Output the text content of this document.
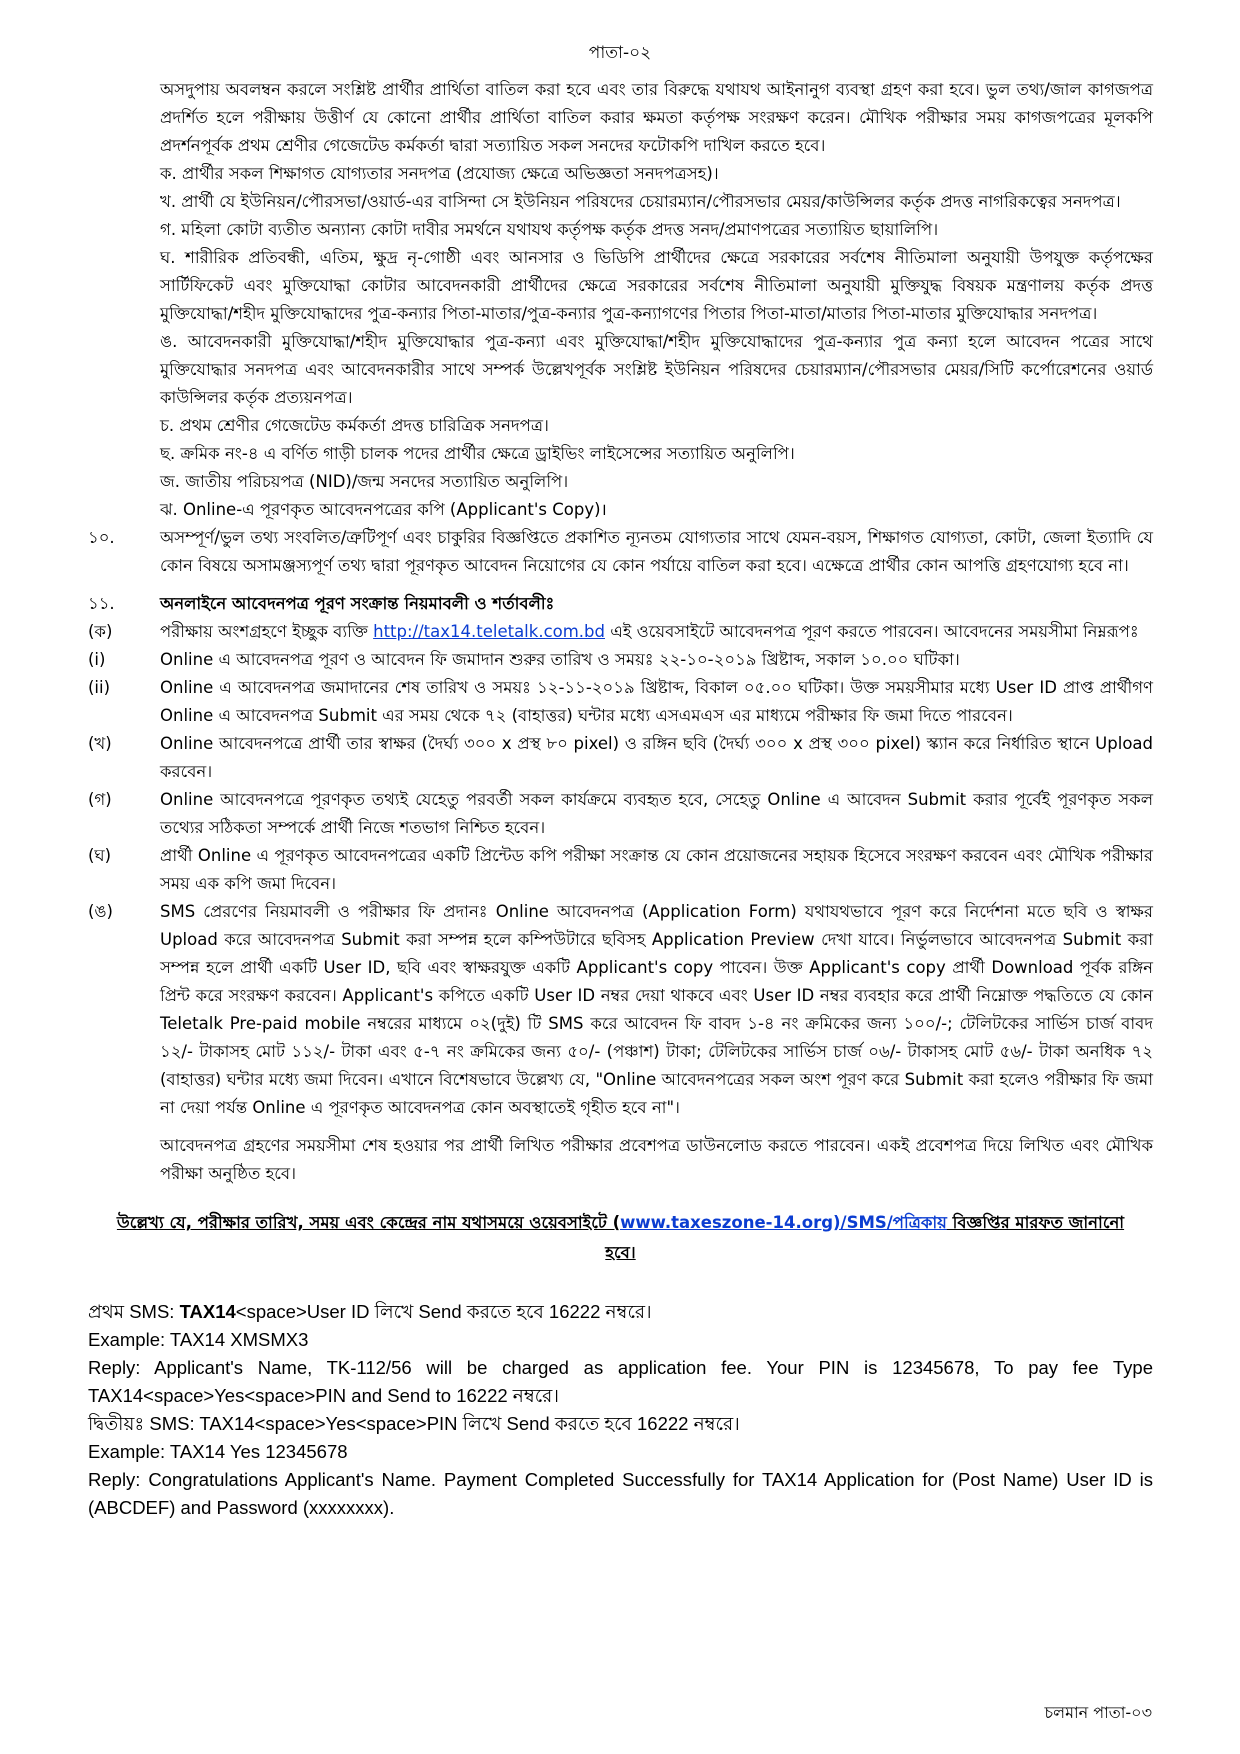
পাতা-০২
অসদুপায় অবলম্বন করলে সংশ্লিষ্ট প্রার্থীর প্রার্থিতা বাতিল করা হবে এবং তার বিরুদ্ধে যথাযথ আইনানুগ ব্যবস্থা গ্রহণ করা হবে। ভুল তথ্য/জাল কাগজপত্র প্রদর্শিত হলে পরীক্ষায় উত্তীর্ণ যে কোনো প্রার্থীর প্রার্থিতা বাতিল করার ক্ষমতা কর্তৃপক্ষ সংরক্ষণ করেন। মৌখিক পরীক্ষার সময় কাগজপত্রের মূলকপি প্রদর্শনপূর্বক প্রথম শ্রেণীর গেজেটেড কর্মকর্তা দ্বারা সত্যায়িত সকল সনদের ফটোকপি দাখিল করতে হবে।
ক. প্রার্থীর সকল শিক্ষাগত যোগ্যতার সনদপত্র (প্রযোজ্য ক্ষেত্রে অভিজ্ঞতা সনদপত্রসহ)।
খ. প্রার্থী যে ইউনিয়ন/পৌরসভা/ওয়ার্ড-এর বাসিন্দা সে ইউনিয়ন পরিষদের চেয়ারম্যান/পৌরসভার মেয়র/কাউন্সিলর কর্তৃক প্রদত্ত নাগরিকত্বের সনদপত্র।
গ. মহিলা কোটা ব্যতীত অন্যান্য কোটা দাবীর সমর্থনে যথাযথ কর্তৃপক্ষ কর্তৃক প্রদত্ত সনদ/প্রমাণপত্রের সত্যায়িত ছায়ালিপি।
ঘ. শারীরিক প্রতিবন্ধী, এতিম, ক্ষুদ্র নৃ-গোষ্ঠী এবং আনসার ও ভিডিপি প্রার্থীদের ক্ষেত্রে সরকারের সর্বশেষ নীতিমালা অনুযায়ী উপযুক্ত কর্তৃপক্ষের সার্টিফিকেট এবং মুক্তিযোদ্ধা কোটার আবেদনকারী প্রার্থীদের ক্ষেত্রে সরকারের সর্বশেষ নীতিমালা অনুযায়ী মুক্তিযুদ্ধ বিষয়ক মন্ত্রণালয় কর্তৃক প্রদত্ত মুক্তিযোদ্ধা/শহীদ মুক্তিযোদ্ধাদের পুত্র-কন্যার পিতা-মাতার/পুত্র-কন্যার পুত্র-কন্যাগণের পিতার পিতা-মাতা/মাতার পিতা-মাতার মুক্তিযোদ্ধার সনদপত্র।
ঙ. আবেদনকারী মুক্তিযোদ্ধা/শহীদ মুক্তিযোদ্ধার পুত্র-কন্যা এবং মুক্তিযোদ্ধা/শহীদ মুক্তিযোদ্ধাদের পুত্র-কন্যার পুত্র কন্যা হলে আবেদন পত্রের সাথে মুক্তিযোদ্ধার সনদপত্র এবং আবেদনকারীর সাথে সম্পর্ক উল্লেখপূর্বক সংশ্লিষ্ট ইউনিয়ন পরিষদের চেয়ারম্যান/পৌরসভার মেয়র/সিটি কর্পোরেশনের ওয়ার্ড কাউন্সিলর কর্তৃক প্রত্যয়নপত্র।
চ. প্রথম শ্রেণীর গেজেটেড কর্মকর্তা প্রদত্ত চারিত্রিক সনদপত্র।
ছ. ক্রমিক নং-৪ এ বর্ণিত গাড়ী চালক পদের প্রার্থীর ক্ষেত্রে ড্রাইভিং লাইসেন্সের সত্যায়িত অনুলিপি।
জ. জাতীয় পরিচয়পত্র (NID)/জন্ম সনদের সত্যায়িত অনুলিপি।
ঝ. Online-এ পূরণকৃত আবেদনপত্রের কপি (Applicant's Copy)।
১০.	অসম্পূর্ণ/ভুল তথ্য সংবলিত/ত্রুটিপূর্ণ এবং চাকুরির বিজ্ঞপ্তিতে প্রকাশিত ন্যূনতম যোগ্যতার সাথে যেমন-বয়স, শিক্ষাগত যোগ্যতা, কোটা, জেলা ইত্যাদি যে কোন বিষয়ে অসামঞ্জস্যপূর্ণ তথ্য দ্বারা পূরণকৃত আবেদন নিয়োগের যে কোন পর্যায়ে বাতিল করা হবে। এক্ষেত্রে প্রার্থীর কোন আপত্তি গ্রহণযোগ্য হবে না।
১১.	অনলাইনে আবেদনপত্র পূরণ সংক্রান্ত নিয়মাবলী ও শর্তাবলীঃ
(ক)	পরীক্ষায় অংশগ্রহণে ইচ্ছুক ব্যক্তি http://tax14.teletalk.com.bd এই ওয়েবসাইটে আবেদনপত্র পূরণ করতে পারবেন। আবেদনের সময়সীমা নিম্নরূপঃ
(i)	Online এ আবেদনপত্র পূরণ ও আবেদন ফি জমাদান শুরুর তারিখ ও সময়ঃ ২২-১০-২০১৯ খ্রিষ্টাব্দ, সকাল ১০.০০ ঘটিকা।
(ii)	Online এ আবেদনপত্র জমাদানের শেষ তারিখ ও সময়ঃ ১২-১১-২০১৯ খ্রিষ্টাব্দ, বিকাল ০৫.০০ ঘটিকা। উক্ত সময়সীমার মধ্যে User ID প্রাপ্ত প্রার্থীগণ Online এ আবেদনপত্র Submit এর সময় থেকে ৭২ (বাহাত্তর) ঘন্টার মধ্যে এসএমএস এর মাধ্যমে পরীক্ষার ফি জমা দিতে পারবেন।
(খ)	Online আবেদনপত্রে প্রার্থী তার স্বাক্ষর (দৈর্ঘ্য ৩০০ x প্রস্থ ৮০ pixel) ও রঙ্গিন ছবি (দৈর্ঘ্য ৩০০ x প্রস্থ ৩০০ pixel) স্ক্যান করে নির্ধারিত স্থানে Upload করবেন।
(গ)	Online আবেদনপত্রে পূরণকৃত তথ্যই যেহেতু পরবর্তী সকল কার্যক্রমে ব্যবহৃত হবে, সেহেতু Online এ আবেদন Submit করার পূর্বেই পূরণকৃত সকল তথ্যের সঠিকতা সম্পর্কে প্রার্থী নিজে শতভাগ নিশ্চিত হবেন।
(ঘ)	প্রার্থী Online এ পূরণকৃত আবেদনপত্রের একটি প্রিন্টেড কপি পরীক্ষা সংক্রান্ত যে কোন প্রয়োজনের সহায়ক হিসেবে সংরক্ষণ করবেন এবং মৌখিক পরীক্ষার সময় এক কপি জমা দিবেন।
(ঙ)	SMS প্রেরণের নিয়মাবলী ও পরীক্ষার ফি প্রদানঃ Online আবেদনপত্র (Application Form) যথাযথভাবে পূরণ করে নির্দেশনা মতে ছবি ও স্বাক্ষর Upload করে আবেদনপত্র Submit করা সম্পন্ন হলে কম্পিউটারে ছবিসহ Application Preview দেখা যাবে। নির্ভুলভাবে আবেদনপত্র Submit করা সম্পন্ন হলে প্রার্থী একটি User ID, ছবি এবং স্বাক্ষরযুক্ত একটি Applicant's copy পাবেন। উক্ত Applicant's copy প্রার্থী Download পূর্বক রঙ্গিন প্রিন্ট করে সংরক্ষণ করবেন। Applicant's কপিতে একটি User ID নম্বর দেয়া থাকবে এবং User ID নম্বর ব্যবহার করে প্রার্থী নিম্নোক্ত পদ্ধতিতে যে কোন Teletalk Pre-paid mobile নম্বরের মাধ্যমে ০২(দুই) টি SMS করে আবেদন ফি বাবদ ১-৪ নং ক্রমিকের জন্য ১০০/-; টেলিটকের সার্ভিস চার্জ বাবদ ১২/- টাকাসহ মোট ১১২/- টাকা এবং ৫-৭ নং ক্রমিকের জন্য ৫০/- (পঞ্চাশ) টাকা; টেলিটকের সার্ভিস চার্জ ০৬/- টাকাসহ মোট ৫৬/- টাকা অনধিক ৭২ (বাহাত্তর) ঘন্টার মধ্যে জমা দিবেন। এখানে বিশেষভাবে উল্লেখ্য যে, "Online আবেদনপত্রের সকল অংশ পূরণ করে Submit করা হলেও পরীক্ষার ফি জমা না দেয়া পর্যন্ত Online এ পূরণকৃত আবেদনপত্র কোন অবস্থাতেই গৃহীত হবে না"।
আবেদনপত্র গ্রহণের সময়সীমা শেষ হওয়ার পর প্রার্থী লিখিত পরীক্ষার প্রবেশপত্র ডাউনলোড করতে পারবেন। একই প্রবেশপত্র দিয়ে লিখিত এবং মৌখিক পরীক্ষা অনুষ্ঠিত হবে।
উল্লেখ্য যে, পরীক্ষার তারিখ, সময় এবং কেন্দ্রের নাম যথাসময়ে ওয়েবসাইটে (www.taxeszone-14.org)/SMS/পত্রিকায় বিজ্ঞপ্তির মারফত জানানো হবে।
প্রথম SMS: TAX14<space>User ID লিখে Send করতে হবে 16222 নম্বরে।
Example: TAX14 XMSMX3
Reply: Applicant's Name, TK-112/56 will be charged as application fee. Your PIN is 12345678, To pay fee Type TAX14<space>Yes<space>PIN and Send to 16222 নম্বরে।
দ্বিতীয়ঃ SMS: TAX14<space>Yes<space>PIN লিখে Send করতে হবে 16222 নম্বরে।
Example: TAX14 Yes 12345678
Reply: Congratulations Applicant's Name. Payment Completed Successfully for TAX14 Application for (Post Name) User ID is (ABCDEF) and Password (xxxxxxxx).
চলমান পাতা-০৩
